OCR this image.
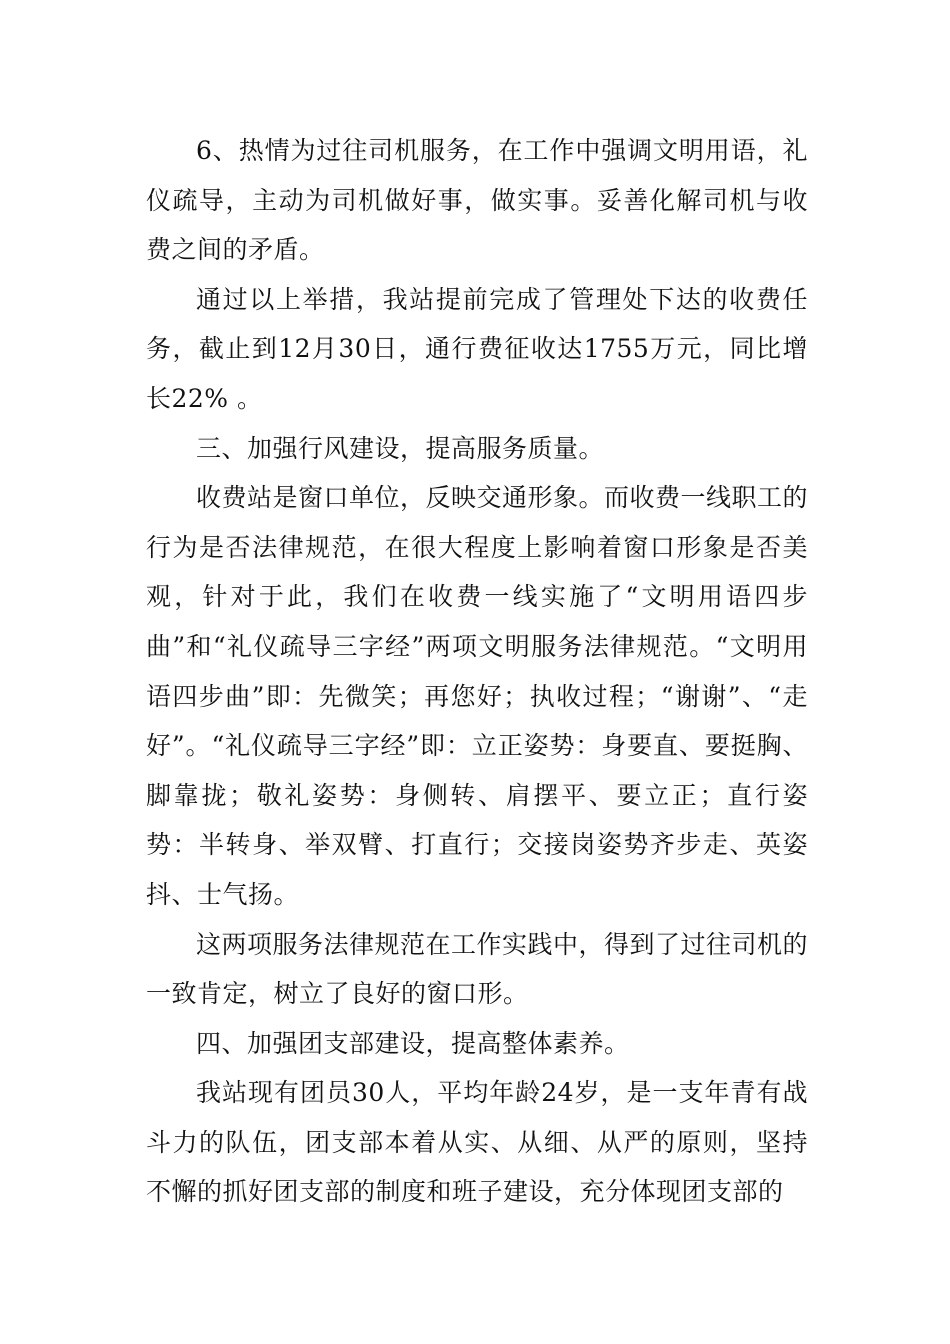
6、热情为过往司机服务，在工作中强调文明用语，礼仪疏导，主动为司机做好事，做实事。妥善化解司机与收费之间的矛盾。

通过以上举措，我站提前完成了管理处下达的收费任务，截止到12月30日，通行费征收达1755万元，同比增长22% 。

三、加强行风建设，提高服务质量。

收费站是窗口单位，反映交通形象。而收费一线职工的行为是否法律规范，在很大程度上影响着窗口形象是否美观，针对于此，我们在收费一线实施了“文明用语四步曲”和“礼仪疏导三字经”两项文明服务法律规范。“文明用语四步曲”即：先微笑；再您好；执收过程；“谢谢”、“走好”。“礼仪疏导三字经”即：立正姿势：身要直、要挺胸、脚靠拢；敬礼姿势：身侧转、肩摆平、要立正；直行姿势：半转身、举双臂、打直行；交接岗姿势齐步走、英姿抖、士气扬。

这两项服务法律规范在工作实践中，得到了过往司机的一致肯定，树立了良好的窗口形。

四、加强团支部建设，提高整体素养。

我站现有团员30人，平均年龄24岁，是一支年青有战斗力的队伍，团支部本着从实、从细、从严的原则，坚持不懈的抓好团支部的制度和班子建设，充分体现团支部的
